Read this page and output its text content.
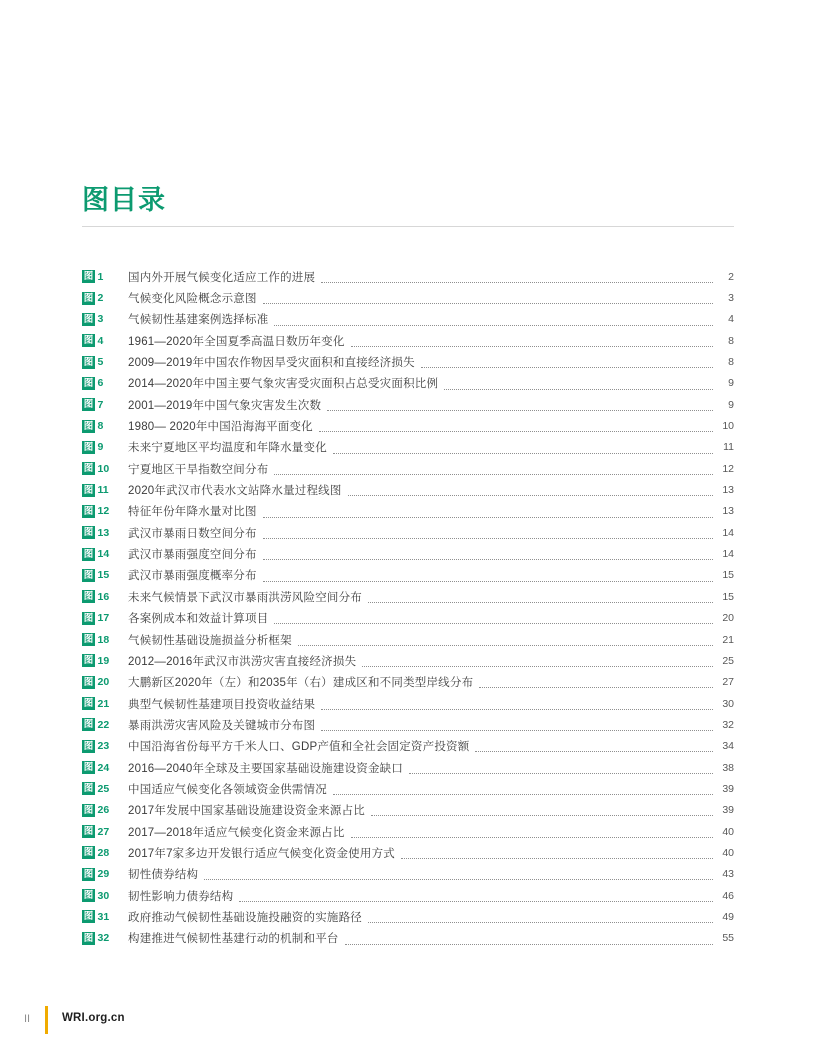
图目录
图 1 国内外开展气候变化适应工作的进展	2
图 2 气候变化风险概念示意图	3
图 3 气候韧性基建案例选择标准	4
图 4 1961—2020年全国夏季高温日数历年变化	8
图 5 2009—2019年中国农作物因旱受灾面积和直接经济损失	8
图 6 2014—2020年中国主要气象灾害受灾面积占总受灾面积比例	9
图 7 2001—2019年中国气象灾害发生次数	9
图 8 1980— 2020年中国沿海海平面变化	10
图 9 未来宁夏地区平均温度和年降水量变化	11
图 10 宁夏地区干旱指数空间分布	12
图 11 2020年武汉市代表水文站降水量过程线图	13
图 12 特征年份年降水量对比图	13
图 13 武汉市暴雨日数空间分布	14
图 14 武汉市暴雨强度空间分布	14
图 15 武汉市暴雨强度概率分布	15
图 16 未来气候情景下武汉市暴雨洪涝风险空间分布	15
图 17 各案例成本和效益计算项目	20
图 18 气候韧性基础设施损益分析框架	21
图 19 2012—2016年武汉市洪涝灾害直接经济损失	25
图 20 大鹏新区2020年（左）和2035年（右）建成区和不同类型岸线分布	27
图 21 典型气候韧性基建项目投资收益结果	30
图 22 暴雨洪涝灾害风险及关键城市分布图	32
图 23 中国沿海省份每平方千米人口、GDP产值和全社会固定资产投资额	34
图 24 2016—2040年全球及主要国家基础设施建设资金缺口	38
图 25 中国适应气候变化各领域资金供需情况	39
图 26 2017年发展中国家基础设施建设资金来源占比	39
图 27 2017—2018年适应气候变化资金来源占比	40
图 28 2017年7家多边开发银行适应气候变化资金使用方式	40
图 29 韧性债券结构	43
图 30 韧性影响力债券结构	46
图 31 政府推动气候韧性基础设施投融资的实施路径	49
图 32 构建推进气候韧性基建行动的机制和平台	55
II	WRI.org.cn
